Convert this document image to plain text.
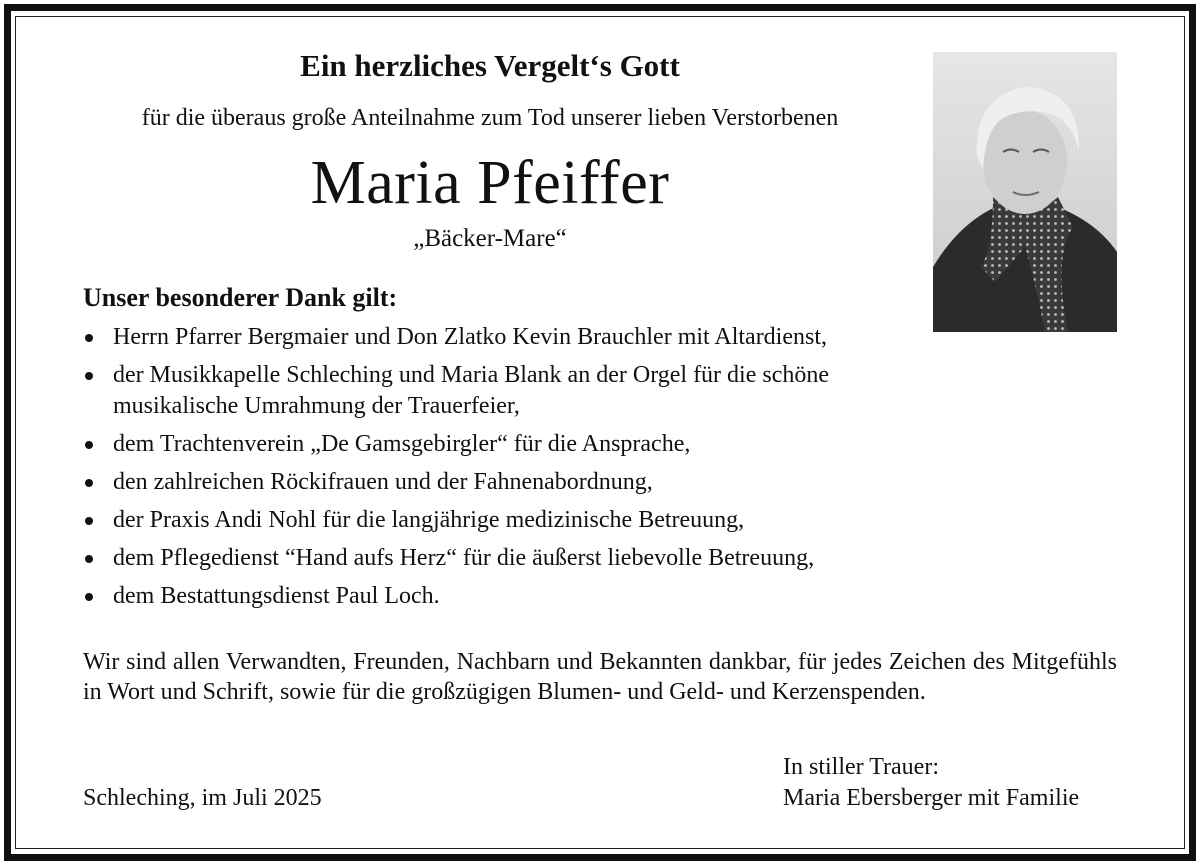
Ein herzliches Vergelt‘s Gott

für die überaus große Anteilnahme zum Tod unserer lieben Verstorbenen

Maria Pfeiffer

„Bäcker-Mare“

Unser besonderer Dank gilt:

Herrn Pfarrer Bergmaier und Don Zlatko Kevin Brauchler mit Altardienst,
der Musikkapelle Schleching und Maria Blank an der Orgel für die schöne musikalische Umrahmung der Trauerfeier,
dem Trachtenverein „De Gamsgebirgler“ für die Ansprache,
den zahlreichen Röckifrauen und der Fahnenabordnung,
der Praxis Andi Nohl für die langjährige medizinische Betreuung,
dem Pflegedienst “Hand aufs Herz“ für die äußerst liebevolle Betreuung,
dem Bestattungsdienst Paul Loch.

Wir sind allen Verwandten, Freunden, Nachbarn und Bekannten dankbar, für jedes Zeichen des Mitgefühls in Wort und Schrift, sowie für die großzügigen Blumen- und Geld- und Kerzenspenden.

Schleching, im Juli 2025

In stiller Trauer:
Maria Ebersberger mit Familie
